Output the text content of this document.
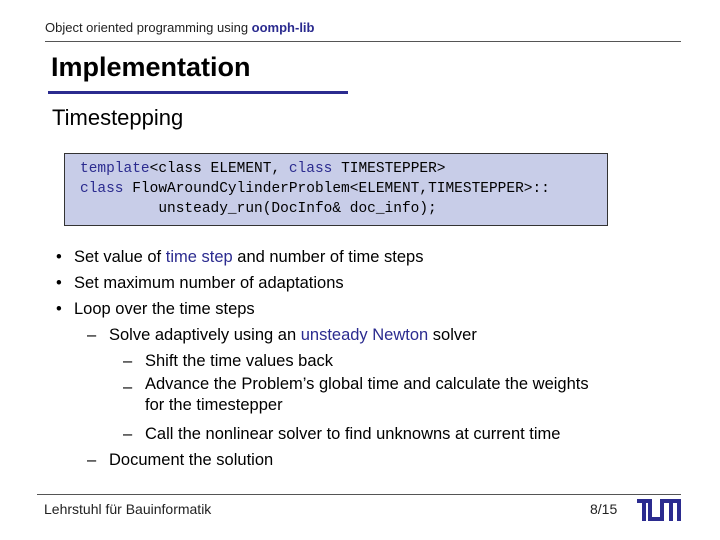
Object oriented programming using oomph-lib
Implementation
Timestepping
template<class ELEMENT, class TIMESTEPPER>
class FlowAroundCylinderProblem<ELEMENT,TIMESTEPPER>::
unsteady_run(DocInfo& doc_info);
• Set value of time step and number of time steps
• Set maximum number of adaptations
• Loop over the time steps
– Solve adaptively using an unsteady Newton solver
– Shift the time values back
– Advance the Problem’s global time and calculate the weights
for the timestepper
– Call the nonlinear solver to find unknowns at current time
– Document the solution
Lehrstuhl für Bauinformatik	8/15
